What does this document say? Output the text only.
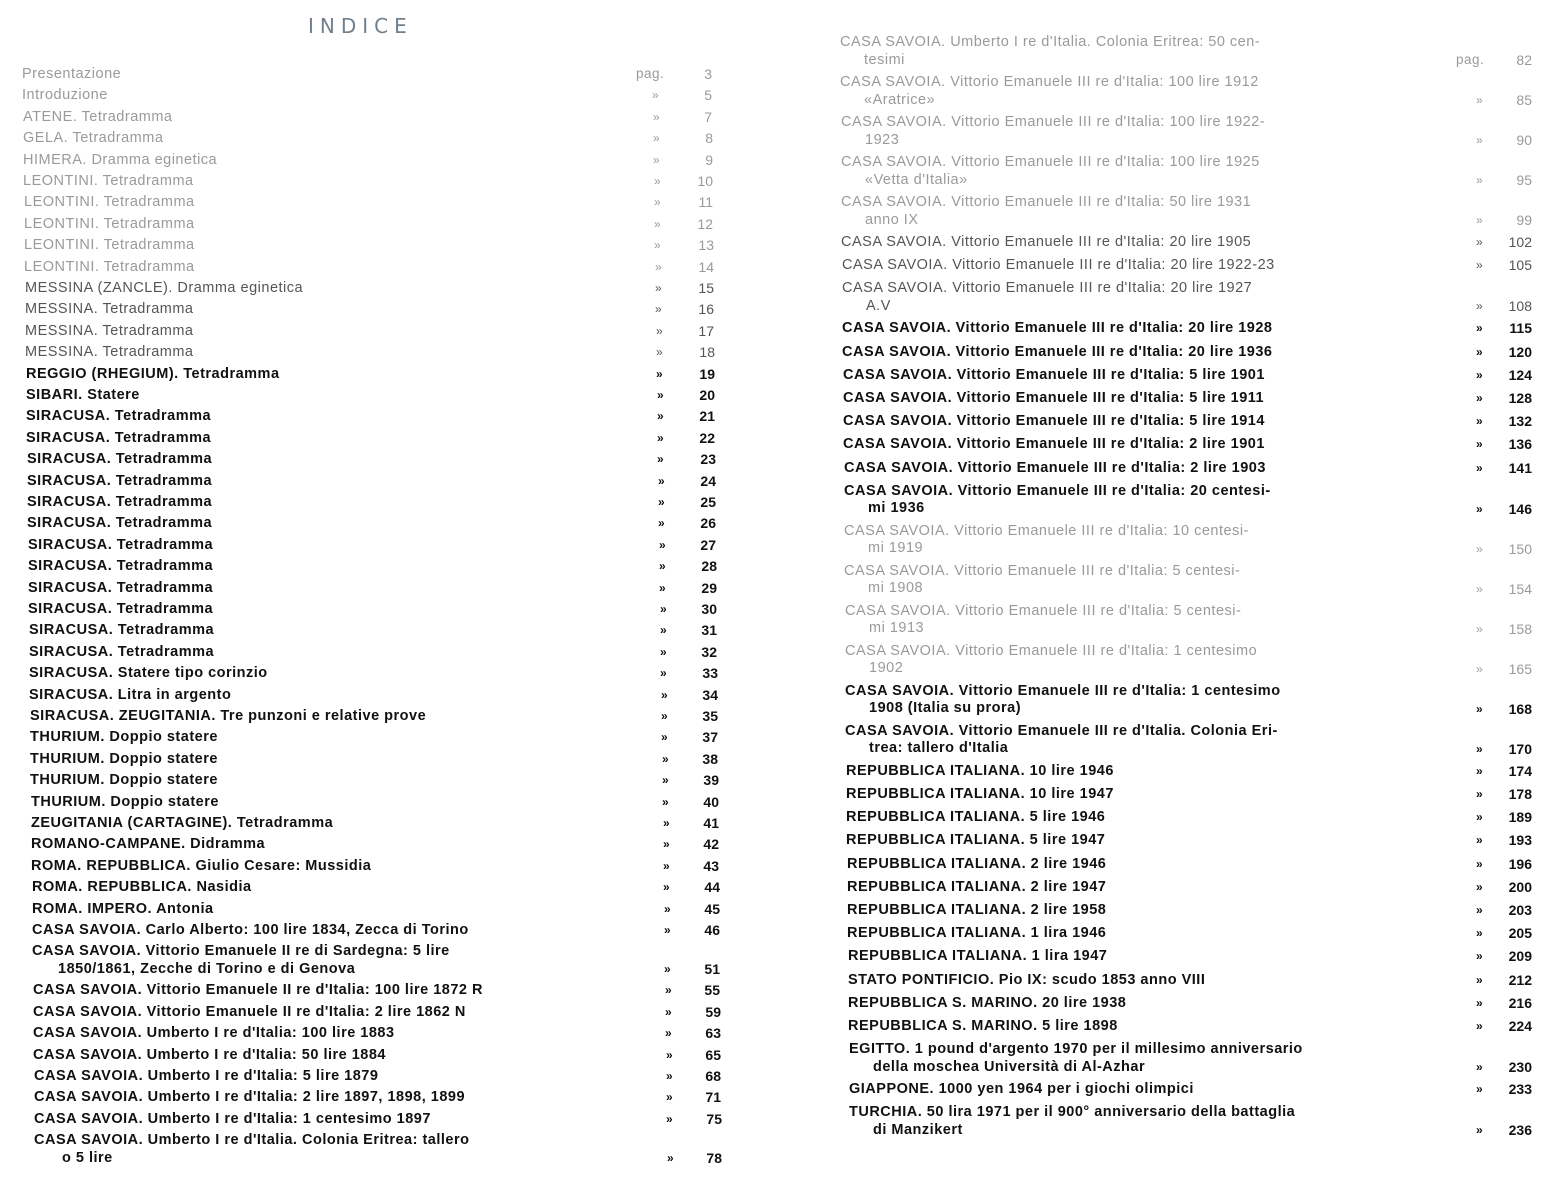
INDICE
Presentazione	pag.	3
Introduzione	»	5
ATENE. Tetradramma	»	7
GELA. Tetradramma	»	8
HIMERA. Dramma eginetica	»	9
LEONTINI. Tetradramma	»	10
LEONTINI. Tetradramma	»	11
LEONTINI. Tetradramma	»	12
LEONTINI. Tetradramma	»	13
LEONTINI. Tetradramma	»	14
MESSINA (ZANCLE). Dramma eginetica	»	15
MESSINA. Tetradramma	»	16
MESSINA. Tetradramma	»	17
MESSINA. Tetradramma	»	18
REGGIO (RHEGIUM). Tetradramma	»	19
SIBARI. Statere	»	20
SIRACUSA. Tetradramma	»	21
SIRACUSA. Tetradramma	»	22
SIRACUSA. Tetradramma	»	23
SIRACUSA. Tetradramma	»	24
SIRACUSA. Tetradramma	»	25
SIRACUSA. Tetradramma	»	26
SIRACUSA. Tetradramma	»	27
SIRACUSA. Tetradramma	»	28
SIRACUSA. Tetradramma	»	29
SIRACUSA. Tetradramma	»	30
SIRACUSA. Tetradramma	»	31
SIRACUSA. Tetradramma	»	32
SIRACUSA. Statere tipo corinzio	»	33
SIRACUSA. Litra in argento	»	34
SIRACUSA. ZEUGITANIA. Tre punzoni e relative prove	»	35
THURIUM. Doppio statere	»	37
THURIUM. Doppio statere	»	38
THURIUM. Doppio statere	»	39
THURIUM. Doppio statere	»	40
ZEUGITANIA (CARTAGINE). Tetradramma	»	41
ROMANO-CAMPANE. Didramma	»	42
ROMA. REPUBBLICA. Giulio Cesare: Mussidia	»	43
ROMA. REPUBBLICA. Nasidia	»	44
ROMA. IMPERO. Antonia	»	45
CASA SAVOIA. Carlo Alberto: 100 lire 1834, Zecca di Torino	»	46
CASA SAVOIA. Vittorio Emanuele II re di Sardegna: 5 lire
1850/1861, Zecche di Torino e di Genova	»	51
CASA SAVOIA. Vittorio Emanuele II re d'Italia: 100 lire 1872 R	»	55
CASA SAVOIA. Vittorio Emanuele II re d'Italia: 2 lire 1862 N	»	59
CASA SAVOIA. Umberto I re d'Italia: 100 lire 1883	»	63
CASA SAVOIA. Umberto I re d'Italia: 50 lire 1884	»	65
CASA SAVOIA. Umberto I re d'Italia: 5 lire 1879	»	68
CASA SAVOIA. Umberto I re d'Italia: 2 lire 1897, 1898, 1899	»	71
CASA SAVOIA. Umberto I re d'Italia: 1 centesimo 1897	»	75
CASA SAVOIA. Umberto I re d'Italia. Colonia Eritrea: tallero
o 5 lire	»	78
CASA SAVOIA. Umberto I re d'Italia. Colonia Eritrea: 50 cen-
tesimi	pag.	82
CASA SAVOIA. Vittorio Emanuele III re d'Italia: 100 lire 1912
«Aratrice»	»	85
CASA SAVOIA. Vittorio Emanuele III re d'Italia: 100 lire 1922-
1923	»	90
CASA SAVOIA. Vittorio Emanuele III re d'Italia: 100 lire 1925
«Vetta d'Italia»	»	95
CASA SAVOIA. Vittorio Emanuele III re d'Italia: 50 lire 1931
anno IX	»	99
CASA SAVOIA. Vittorio Emanuele III re d'Italia: 20 lire 1905	»	102
CASA SAVOIA. Vittorio Emanuele III re d'Italia: 20 lire 1922-23	»	105
CASA SAVOIA. Vittorio Emanuele III re d'Italia: 20 lire 1927
A.V	»	108
CASA SAVOIA. Vittorio Emanuele III re d'Italia: 20 lire 1928	»	115
CASA SAVOIA. Vittorio Emanuele III re d'Italia: 20 lire 1936	»	120
CASA SAVOIA. Vittorio Emanuele III re d'Italia: 5 lire 1901	»	124
CASA SAVOIA. Vittorio Emanuele III re d'Italia: 5 lire 1911	»	128
CASA SAVOIA. Vittorio Emanuele III re d'Italia: 5 lire 1914	»	132
CASA SAVOIA. Vittorio Emanuele III re d'Italia: 2 lire 1901	»	136
CASA SAVOIA. Vittorio Emanuele III re d'Italia: 2 lire 1903	»	141
CASA SAVOIA. Vittorio Emanuele III re d'Italia: 20 centesi-
mi 1936	»	146
CASA SAVOIA. Vittorio Emanuele III re d'Italia: 10 centesi-
mi 1919	»	150
CASA SAVOIA. Vittorio Emanuele III re d'Italia: 5 centesi-
mi 1908	»	154
CASA SAVOIA. Vittorio Emanuele III re d'Italia: 5 centesi-
mi 1913	»	158
CASA SAVOIA. Vittorio Emanuele III re d'Italia: 1 centesimo
1902	»	165
CASA SAVOIA. Vittorio Emanuele III re d'Italia: 1 centesimo
1908 (Italia su prora)	»	168
CASA SAVOIA. Vittorio Emanuele III re d'Italia. Colonia Eri-
trea: tallero d'Italia	»	170
REPUBBLICA ITALIANA. 10 lire 1946	»	174
REPUBBLICA ITALIANA. 10 lire 1947	»	178
REPUBBLICA ITALIANA. 5 lire 1946	»	189
REPUBBLICA ITALIANA. 5 lire 1947	»	193
REPUBBLICA ITALIANA. 2 lire 1946	»	196
REPUBBLICA ITALIANA. 2 lire 1947	»	200
REPUBBLICA ITALIANA. 2 lire 1958	»	203
REPUBBLICA ITALIANA. 1 lira 1946	»	205
REPUBBLICA ITALIANA. 1 lira 1947	»	209
STATO PONTIFICIO. Pio IX: scudo 1853 anno VIII	»	212
REPUBBLICA S. MARINO. 20 lire 1938	»	216
REPUBBLICA S. MARINO. 5 lire 1898	»	224
EGITTO. 1 pound d'argento 1970 per il millesimo anniversario
della moschea Università di Al-Azhar	»	230
GIAPPONE. 1000 yen 1964 per i giochi olimpici	»	233
TURCHIA. 50 lira 1971 per il 900° anniversario della battaglia
di Manzikert	»	236
